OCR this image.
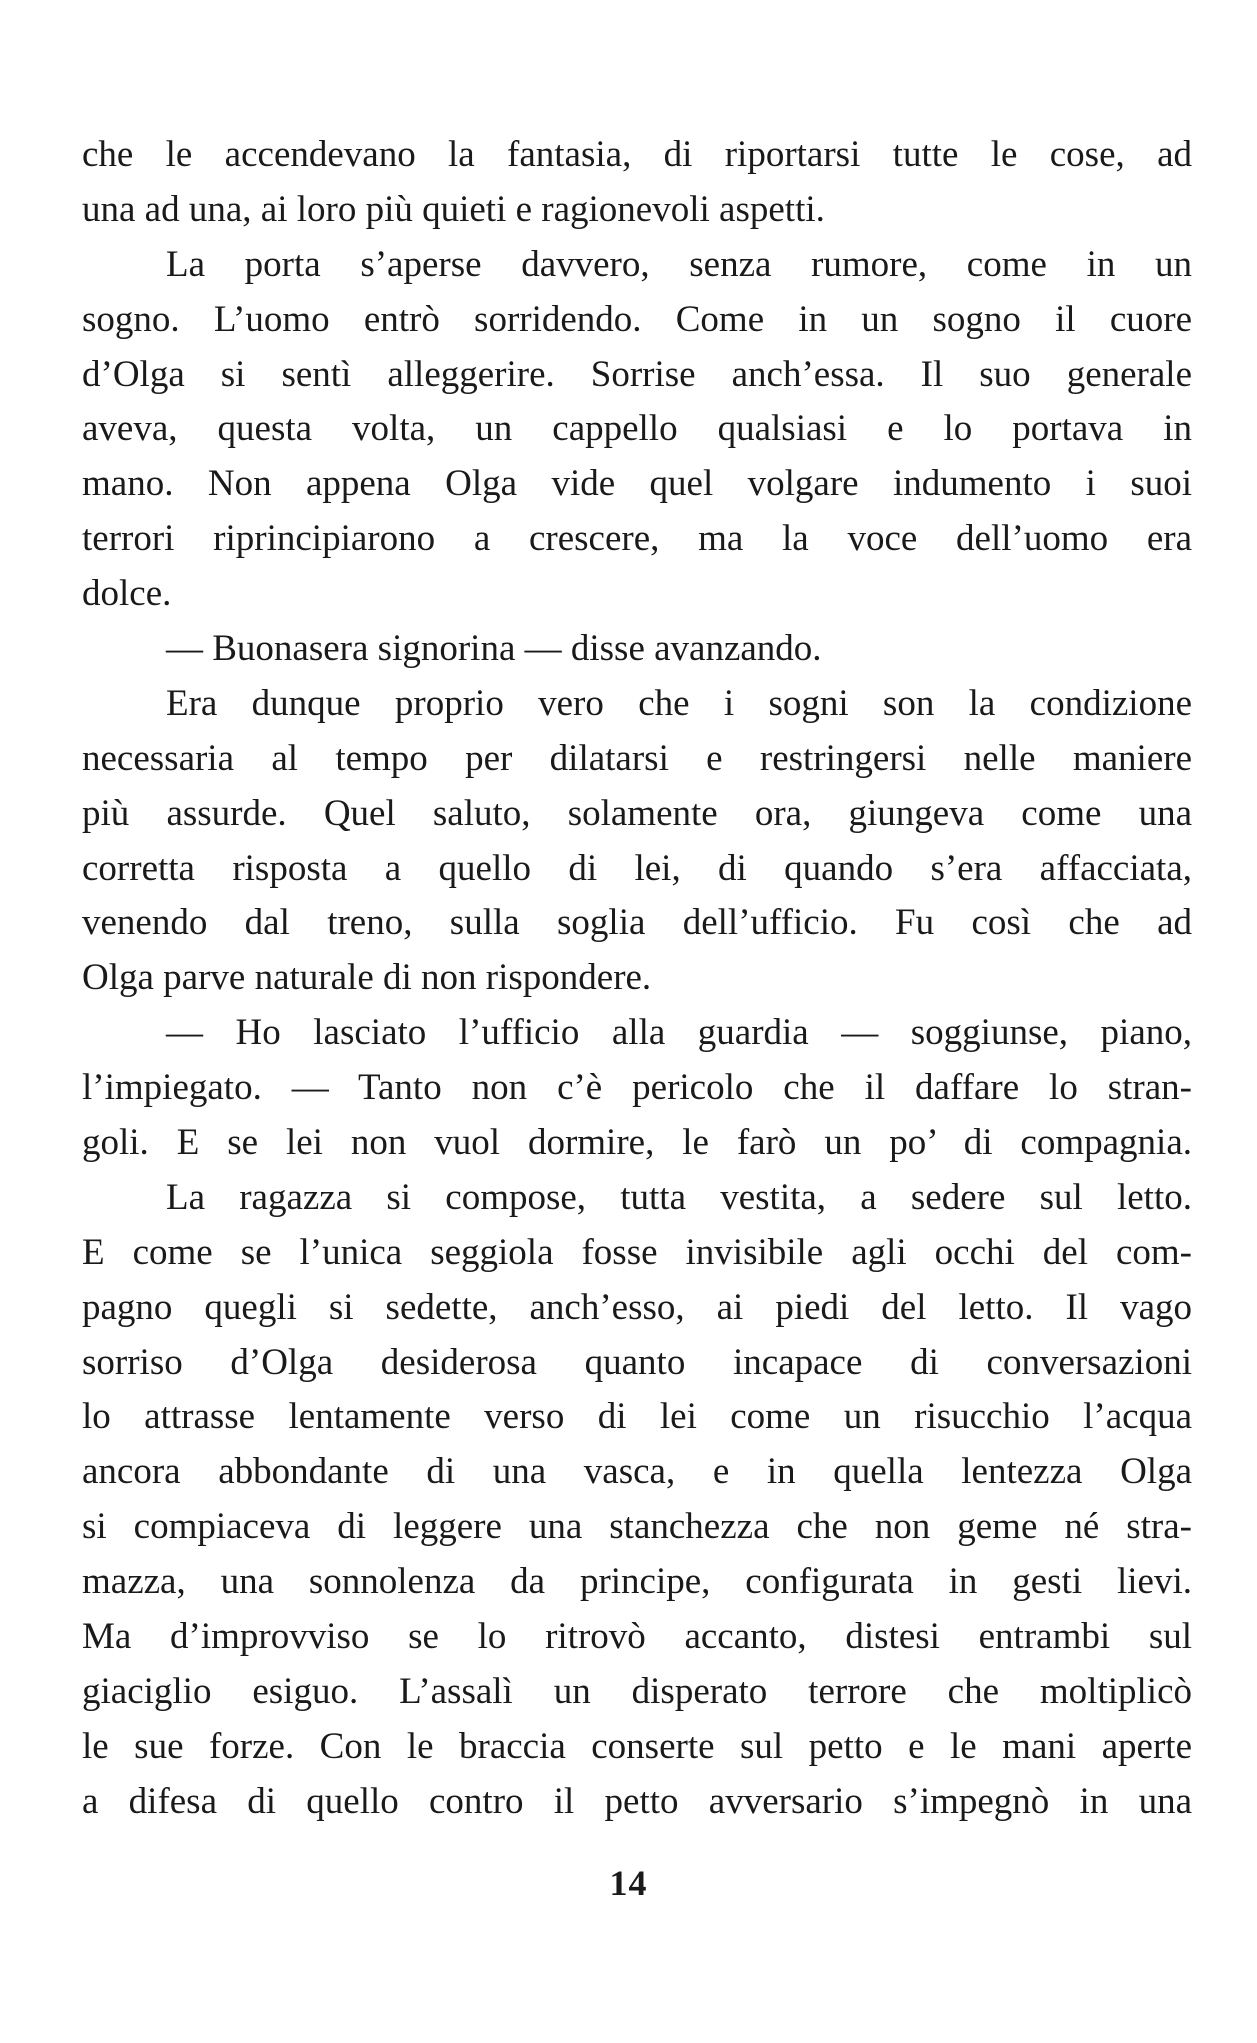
che le accendevano la fantasia, di riportarsi tutte le cose, ad
una ad una, ai loro più quieti e ragionevoli aspetti.
La porta s’aperse davvero, senza rumore, come in un
sogno. L’uomo entrò sorridendo. Come in un sogno il cuore
d’Olga si sentì alleggerire. Sorrise anch’essa. Il suo generale
aveva, questa volta, un cappello qualsiasi e lo portava in
mano. Non appena Olga vide quel volgare indumento i suoi
terrori riprincipiarono a crescere, ma la voce dell’uomo era
dolce.
— Buonasera signorina — disse avanzando.
Era dunque proprio vero che i sogni son la condizione
necessaria al tempo per dilatarsi e restringersi nelle maniere
più assurde. Quel saluto, solamente ora, giungeva come una
corretta risposta a quello di lei, di quando s’era affacciata,
venendo dal treno, sulla soglia dell’ufficio. Fu così che ad
Olga parve naturale di non rispondere.
— Ho lasciato l’ufficio alla guardia — soggiunse, piano,
l’impiegato. — Tanto non c’è pericolo che il daffare lo stran-
goli. E se lei non vuol dormire, le farò un po’ di compagnia.
La ragazza si compose, tutta vestita, a sedere sul letto.
E come se l’unica seggiola fosse invisibile agli occhi del com-
pagno quegli si sedette, anch’esso, ai piedi del letto. Il vago
sorriso d’Olga desiderosa quanto incapace di conversazioni
lo attrasse lentamente verso di lei come un risucchio l’acqua
ancora abbondante di una vasca, e in quella lentezza Olga
si compiaceva di leggere una stanchezza che non geme né stra-
mazza, una sonnolenza da principe, configurata in gesti lievi.
Ma d’improvviso se lo ritrovò accanto, distesi entrambi sul
giaciglio esiguo. L’assalì un disperato terrore che moltiplicò
le sue forze. Con le braccia conserte sul petto e le mani aperte
a difesa di quello contro il petto avversario s’impegnò in una
14
